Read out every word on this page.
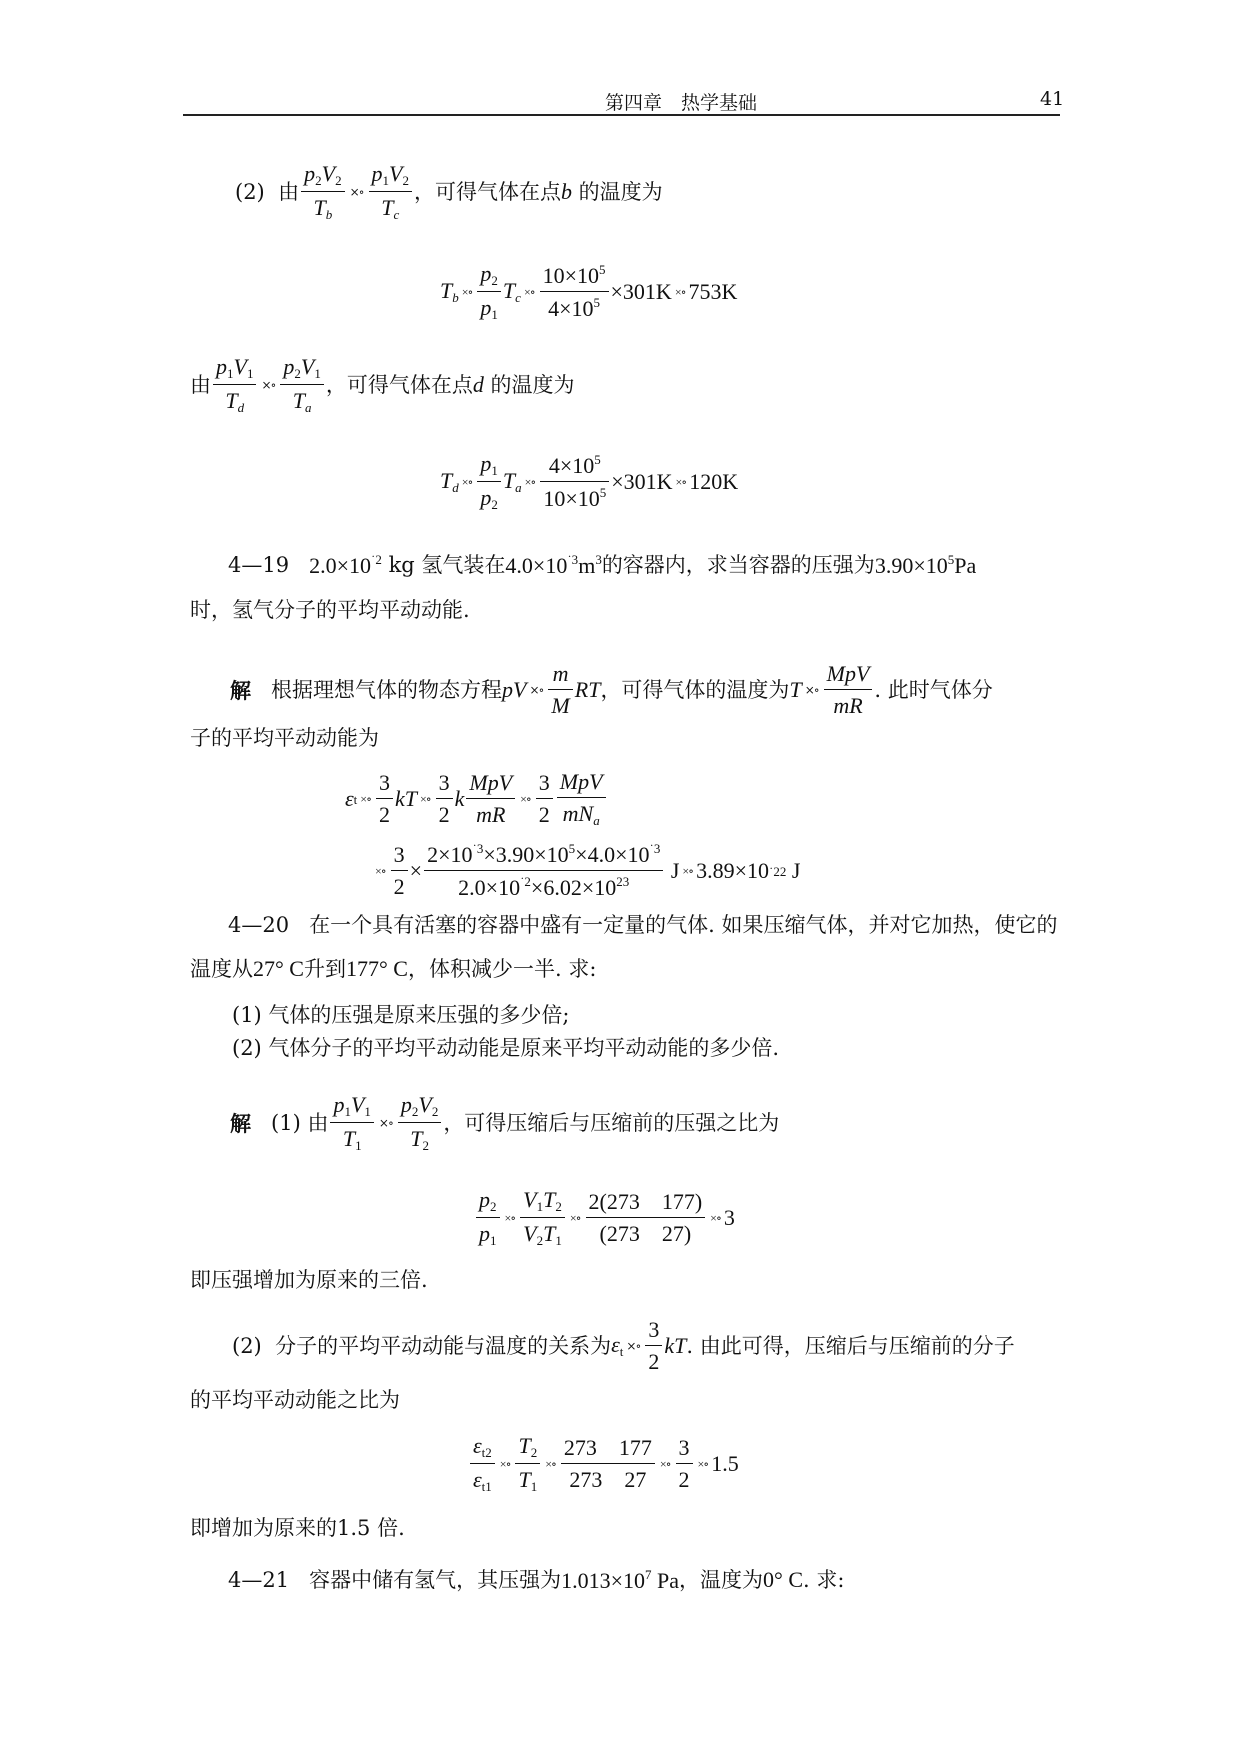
第四章　热学基础	41
(2)
由 $\frac{p_2V_2}{T_b}$ ×∘ $\frac{p_1V_2}{T_c}$ ，可得气体在点 b
的温度为
$T_b$ ×∘ $\frac{p_2}{p_1} T_c$ ×∘ $\frac{10\times 10^5}{4\times 10^5} \times 301K$ ×∘ 753K
由 $\frac{p_1V_1}{T_d}$ ×∘ $\frac{p_2V_1}{T_a}$ ，可得气体在点 d
的温度为
$T_d$ ×∘ $\frac{p_1}{p_2} T_a$ ×∘ $\frac{4\times 10^5}{10\times 10^5} \times 301K$ ×∘ 120K
4—19
$2.0\times 10^{˙2}$
kg 氢气装在 $4.0\times 10^{˙3}m^3$ 的容器内，求当容器的压强为 $3.90\times 10^5Pa$
时，氢气分子的平均平动动能.
解
根据理想气体的物态方程 pV ×∘ $\frac{m}{M}$ RT ，可得气体的温度为 T ×∘ $\frac{\text{MpV}}{mR}$ . 此时气体分
子的平均平动动能为
ε t ×∘ $\frac{3}{2}$ kT ×∘ $\frac{3}{2}$ k $\frac{\text{MpV}}{mR}$ ×∘ $\frac{3}{2} \frac{\text{MpV}}{mN_a}$
×∘ $\frac{3}{2} \times \frac{2\times 10^{˙3}\times 3.90\times 10^5\times 4.0\times 10^{˙3}}{2.0\times 10^{˙2}\times 6.02\times 10^{23}}$
J ×∘ 3.89×10 ˙22
J
4—20
在一个具有活塞的容器中盛有一定量的气体. 如果压缩气体，并对它加热，使它的
温度从 27° C 升到 177° C ，体积减少一半. 求:
(1) 气体的压强是原来压强的多少倍;
(2) 气体分子的平均平动动能是原来平均平动动能的多少倍.
解
(1)
由 $\frac{p_1V_1}{T_1}$ ×∘ $\frac{p_2V_2}{T_2}$ ，可得压缩后与压缩前的压强之比为
$\frac{p_2}{p_1}$ ×∘ $\frac{V_1T_2}{V_2T_1}$ ×∘ $\frac{2(273 177)}{(273 27)}$ ×∘ 3
即压强增加为原来的三倍.
(2)
分子的平均平动动能与温度的关系为 $\varepsilon_t$ ×∘ $\frac{3}{2}$ kT . 由此可得，压缩后与压缩前的分子
的平均平动动能之比为
$\frac{\varepsilon_{t2}}{\varepsilon_{t1}}$ ×∘ $\frac{T_2}{T_1}$ ×∘ $\frac{273 177}{273 27}$ ×∘ $\frac{3}{2}$ ×∘ 1.5
即增加为原来的1.5 倍.
4—21
容器中储有氢气，其压强为 $1.013\times 10^7$ Pa ，温度为 0° C . 求:
